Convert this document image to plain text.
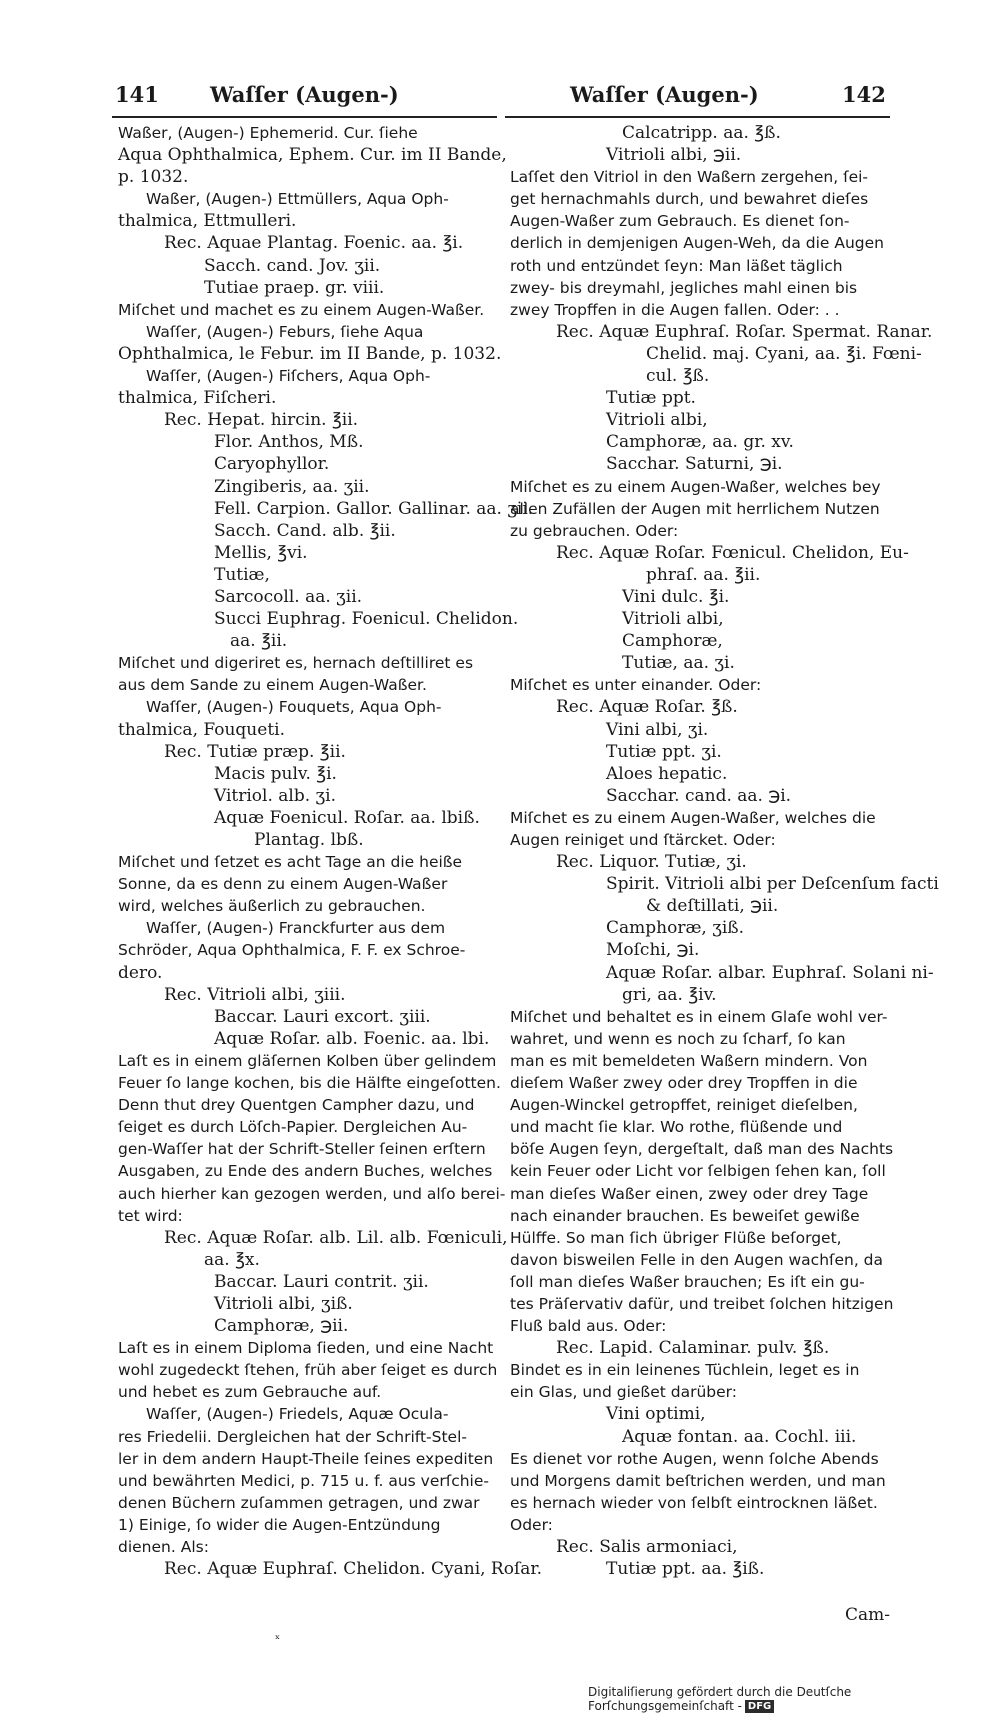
141 Waſſer (Augen-)	Waſſer (Augen-)	142
Waßer, (Augen-) Ephemerid. Cur. ſiehe
Aqua Ophthalmica, Ephem. Cur. im II Bande,
p. 1032.
Waßer, (Augen-) Ettmüllers, Aqua Oph-
thalmica, Ettmulleri.
Rec. Aquae Plantag. Foenic. aa. ℥i.
Sacch. cand. Jov. ʒii.
Tutiae praep. gr. viii.
Miſchet und machet es zu einem Augen-Waßer.
Waſſer, (Augen-) Feburs, ſiehe Aqua
Ophthalmica, le Febur. im II Bande, p. 1032.
Waſſer, (Augen-) Fiſchers, Aqua Oph-
thalmica, Fiſcheri.
Rec. Hepat. hircin. ℥ii.
Flor. Anthos, Mß.
Caryophyllor.
Zingiberis, aa. ʒii.
Fell. Carpion. Gallor. Gallinar. aa. ʒii.
Sacch. Cand. alb. ℥ii.
Mellis, ℥vi.
Tutiæ,
Sarcocoll. aa. ʒii.
Succi Euphrag. Foenicul. Chelidon.
aa. ℥ii.
Miſchet und digeriret es, hernach deſtilliret es
aus dem Sande zu einem Augen-Waßer.
Waſſer, (Augen-) Fouquets, Aqua Oph-
thalmica, Fouqueti.
Rec. Tutiæ præp. ℥ii.
Macis pulv. ℥i.
Vitriol. alb. ʒi.
Aquæ Foenicul. Roſar. aa. lbiß.
Plantag. lbß.
Miſchet und ſetzet es acht Tage an die heiße
Sonne, da es denn zu einem Augen-Waßer
wird, welches äußerlich zu gebrauchen.
Waſſer, (Augen-) Franckfurter aus dem
Schröder, Aqua Ophthalmica, F. F. ex Schroe-
dero.
Rec. Vitrioli albi, ʒiii.
Baccar. Lauri excort. ʒiii.
Aquæ Roſar. alb. Foenic. aa. lbi.
Laſt es in einem gläſernen Kolben über gelindem
Feuer ſo lange kochen, bis die Hälfte eingeſotten.
Denn thut drey Quentgen Campher dazu, und
ſeiget es durch Löſch-Papier. Dergleichen Au-
gen-Waſſer hat der Schrift-Steller ſeinen erſtern
Ausgaben, zu Ende des andern Buches, welches
auch hierher kan gezogen werden, und alſo berei-
tet wird:
Rec. Aquæ Roſar. alb. Lil. alb. Fœniculi,
aa. ℥x.
Baccar. Lauri contrit. ʒii.
Vitrioli albi, ʒiß.
Camphoræ, ℈ii.
Laſt es in einem Diploma ſieden, und eine Nacht
wohl zugedeckt ſtehen, früh aber ſeiget es durch
und hebet es zum Gebrauche auf.
Waſſer, (Augen-) Friedels, Aquæ Ocula-
res Friedelii. Dergleichen hat der Schrift-Stel-
ler in dem andern Haupt-Theile ſeines expediten
und bewährten Medici, p. 715 u. f. aus verſchie-
denen Büchern zuſammen getragen, und zwar
1) Einige, ſo wider die Augen-Entzündung
dienen. Als:
Rec. Aquæ Euphraſ. Chelidon. Cyani, Roſar.
Calcatripp. aa. ℥ß.
Vitrioli albi, ℈ii.
Laſſet den Vitriol in den Waßern zergehen, ſei-
get hernachmahls durch, und bewahret dieſes
Augen-Waßer zum Gebrauch. Es dienet ſon-
derlich in demjenigen Augen-Weh, da die Augen
roth und entzündet ſeyn: Man läßet täglich
zwey- bis dreymahl, jegliches mahl einen bis
zwey Tropffen in die Augen fallen. Oder: . .
Rec. Aquæ Euphraſ. Roſar. Spermat. Ranar.
Chelid. maj. Cyani, aa. ℥i. Fœni-
cul. ℥ß.
Tutiæ ppt.
Vitrioli albi,
Camphoræ, aa. gr. xv.
Sacchar. Saturni, ℈i.
Miſchet es zu einem Augen-Waßer, welches bey
allen Zufällen der Augen mit herrlichem Nutzen
zu gebrauchen. Oder:
Rec. Aquæ Roſar. Fœnicul. Chelidon, Eu-
phraſ. aa. ℥ii.
Vini dulc. ℥i.
Vitrioli albi,
Camphoræ,
Tutiæ, aa. ʒi.
Miſchet es unter einander. Oder:
Rec. Aquæ Roſar. ℥ß.
Vini albi, ʒi.
Tutiæ ppt. ʒi.
Aloes hepatic.
Sacchar. cand. aa. ℈i.
Miſchet es zu einem Augen-Waßer, welches die
Augen reiniget und ſtärcket. Oder:
Rec. Liquor. Tutiæ, ʒi.
Spirit. Vitrioli albi per Deſcenſum facti
& deſtillati, ℈ii.
Camphoræ, ʒiß.
Moſchi, ℈i.
Aquæ Roſar. albar. Euphraſ. Solani ni-
gri, aa. ℥iv.
Miſchet und behaltet es in einem Glaſe wohl ver-
wahret, und wenn es noch zu ſcharf, ſo kan
man es mit bemeldeten Waßern mindern. Von
dieſem Waßer zwey oder drey Tropffen in die
Augen-Winckel getropffet, reiniget dieſelben,
und macht ſie klar. Wo rothe, flüßende und
böſe Augen ſeyn, dergeſtalt, daß man des Nachts
kein Feuer oder Licht vor ſelbigen ſehen kan, ſoll
man dieſes Waßer einen, zwey oder drey Tage
nach einander brauchen. Es beweiſet gewiße
Hülffe. So man ſich übriger Flüße beſorget,
davon bisweilen Felle in den Augen wachſen, da
ſoll man dieſes Waßer brauchen; Es iſt ein gu-
tes Präſervativ dafür, und treibet ſolchen hitzigen
Fluß bald aus. Oder:
Rec. Lapid. Calaminar. pulv. ℥ß.
Bindet es in ein leinenes Tüchlein, leget es in
ein Glas, und gießet darüber:
Vini optimi,
Aquæ fontan. aa. Cochl. iii.
Es dienet vor rothe Augen, wenn ſolche Abends
und Morgens damit beſtrichen werden, und man
es hernach wieder von ſelbſt eintrocknen läßet.
Oder:
Rec. Salis armoniaci,
Tutiæ ppt. aa. ℥iß.
ₓ
Cam-
Digitaliſierung gefördert durch die Deutſche Forſchungsgemeinſchaft - DFG
